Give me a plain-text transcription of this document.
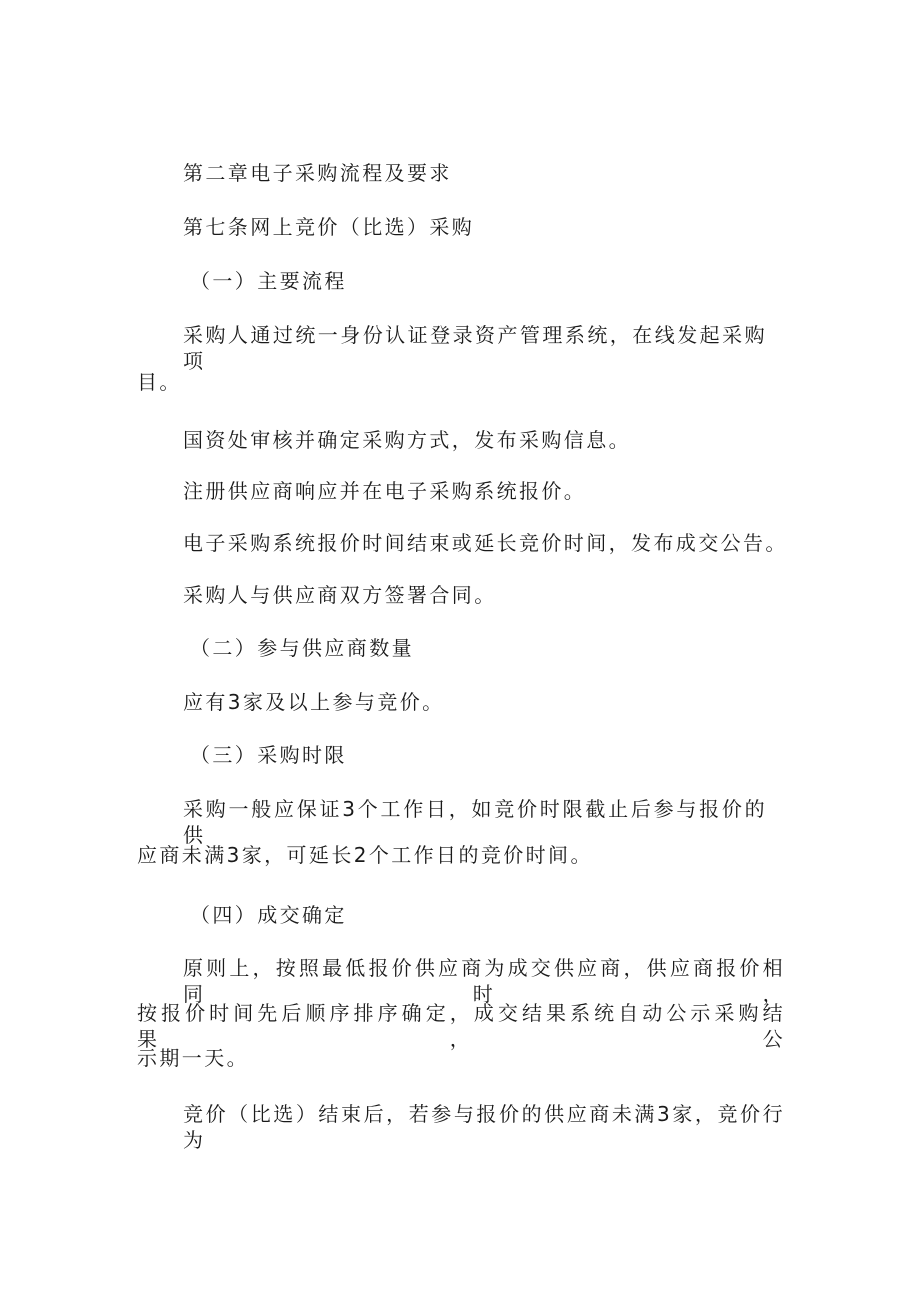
第二章电子采购流程及要求
第七条网上竞价（比选）采购
（一）主要流程
采购人通过统一身份认证登录资产管理系统，在线发起采购项
目。
国资处审核并确定采购方式，发布采购信息。
注册供应商响应并在电子采购系统报价。
电子采购系统报价时间结束或延长竞价时间，发布成交公告。
采购人与供应商双方签署合同。
（二）参与供应商数量
应有3家及以上参与竞价。
（三）采购时限
采购一般应保证3个工作日，如竞价时限截止后参与报价的供
应商未满3家，可延长2个工作日的竞价时间。
（四）成交确定
原则上，按照最低报价供应商为成交供应商，供应商报价相同时，
按报价时间先后顺序排序确定，成交结果系统自动公示采购结果，公
示期一天。
竞价（比选）结束后，若参与报价的供应商未满3家，竞价行为
